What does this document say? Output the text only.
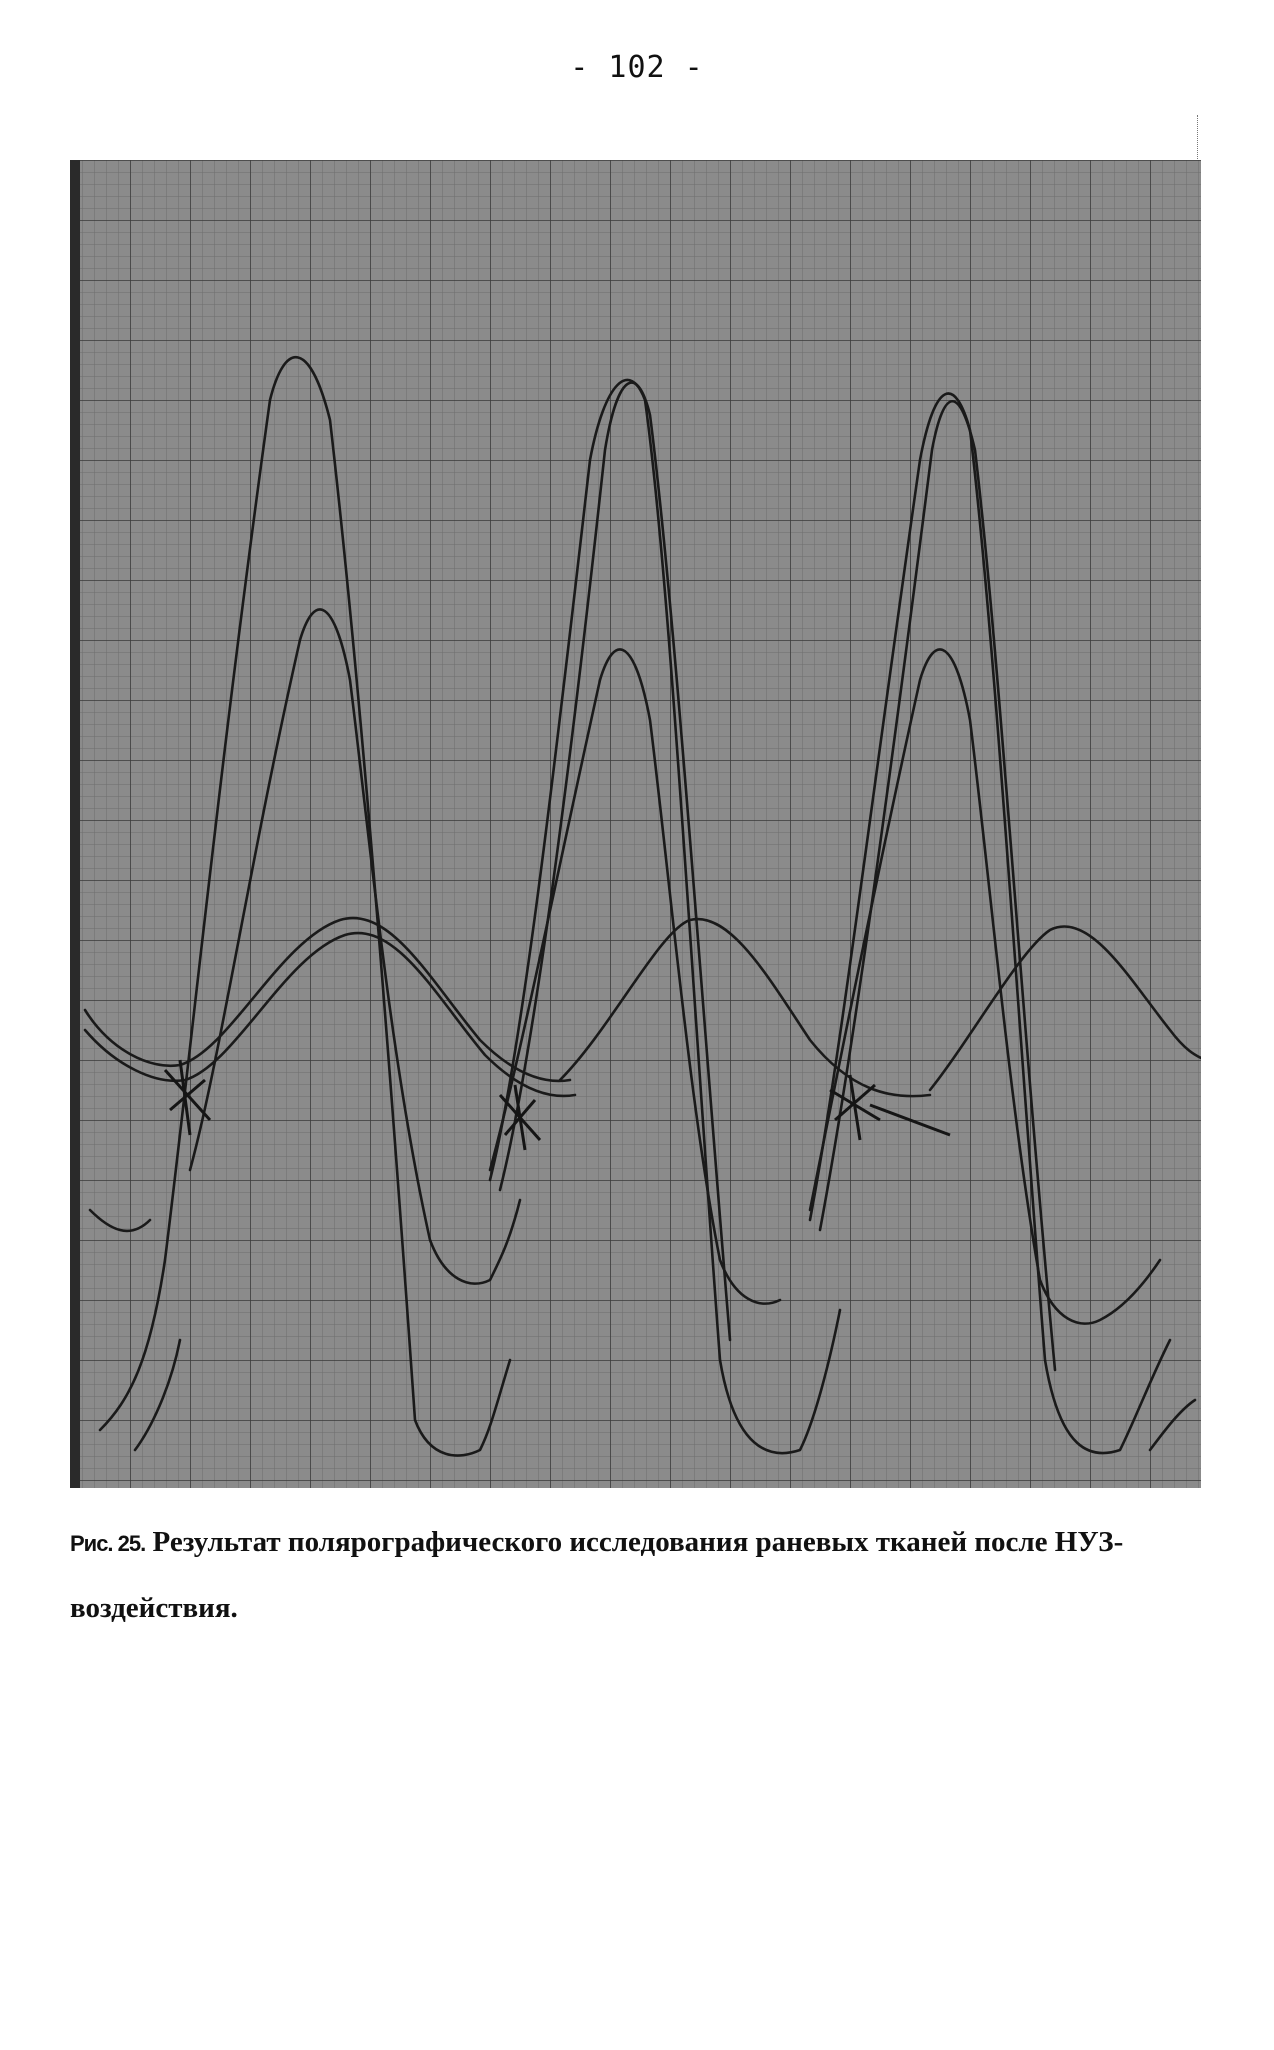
- 102 -
Рис. 25. Результат полярографического исследования раневых тканей после НУЗ-воздействия.
